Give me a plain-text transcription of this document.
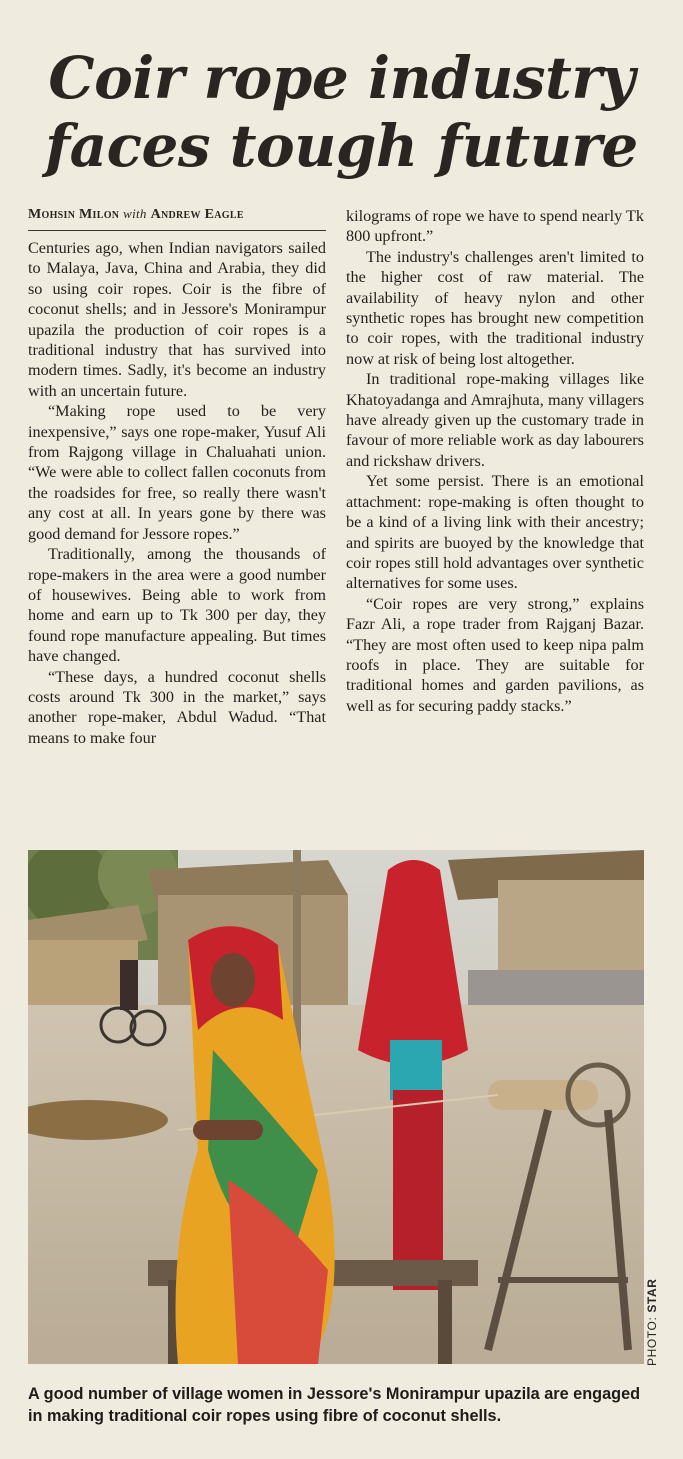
Coir rope industry
faces tough future
Mohsin Milon with Andrew Eagle

Centuries ago, when Indian navigators sailed to Malaya, Java, China and Arabia, they did so using coir ropes. Coir is the fibre of coconut shells; and in Jessore's Monirampur upazila the production of coir ropes is a traditional industry that has survived into modern times. Sadly, it's become an industry with an uncertain future.

“Making rope used to be very inexpensive,” says one rope-maker, Yusuf Ali from Rajgong village in Chaluahati union. “We were able to collect fallen coconuts from the roadsides for free, so really there wasn't any cost at all. In years gone by there was good demand for Jessore ropes.”

Traditionally, among the thousands of rope-makers in the area were a good number of housewives. Being able to work from home and earn up to Tk 300 per day, they found rope manufacture appealing. But times have changed.

“These days, a hundred coconut shells costs around Tk 300 in the market,” says another rope-maker, Abdul Wadud. “That means to make four

kilograms of rope we have to spend nearly Tk 800 upfront.”

The industry's challenges aren't limited to the higher cost of raw material. The availability of heavy nylon and other synthetic ropes has brought new competition to coir ropes, with the traditional industry now at risk of being lost altogether.

In traditional rope-making villages like Khatoyadanga and Amrajhuta, many villagers have already given up the customary trade in favour of more reliable work as day labourers and rickshaw drivers.

Yet some persist. There is an emotional attachment: rope-making is often thought to be a kind of a living link with their ancestry; and spirits are buoyed by the knowledge that coir ropes still hold advantages over synthetic alternatives for some uses.

“Coir ropes are very strong,” explains Fazr Ali, a rope trader from Rajganj Bazar. “They are most often used to keep nipa palm roofs in place. They are suitable for traditional homes and garden pavilions, as well as for securing paddy stacks.”

PHOTO: STAR

A good number of village women in Jessore's Monirampur upazila are engaged in making traditional coir ropes using fibre of coconut shells.
